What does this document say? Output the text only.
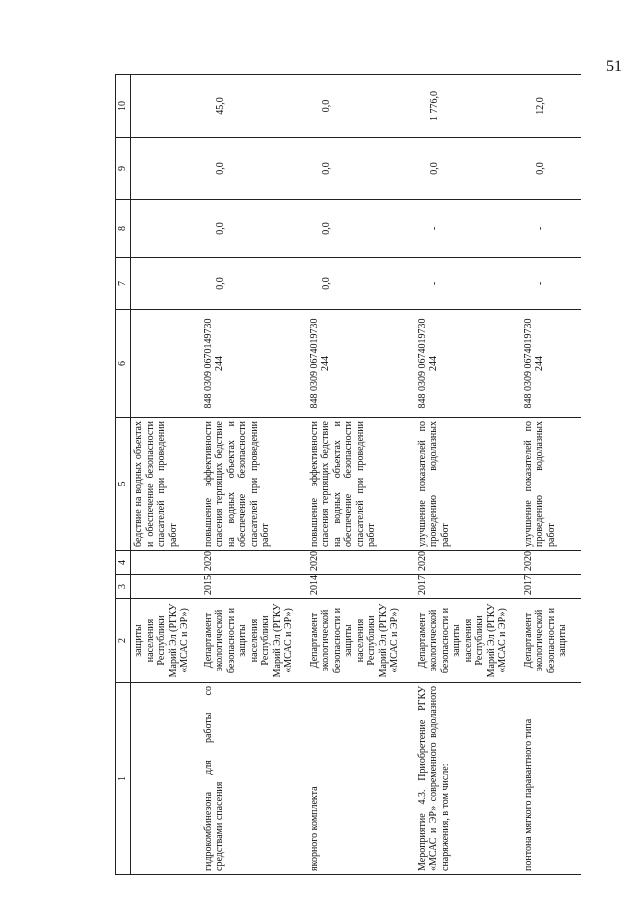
51
1	2	3	4	5	6	7	8	9	10
	защиты населения Республики Марий Эл (РГКУ «МСАС и ЭР»)			бедствие на водных объектах и обеспечение безопасности спасателей при проведении работ					
гидрокомбинезона для работы со средствами спасения	Департамент экологической безопасности и защиты населения Республики Марий Эл (РГКУ «МСАС и ЭР»)	2015	2020	повышение эффективности спасения терпящих бедствие на водных объектах и обеспечение безопасности спасателей при проведении работ	848 0309 0670149730 244	0,0	0,0	0,0	45,0
якорного комплекта	Департамент экологической безопасности и защиты населения Республики Марий Эл (РГКУ «МСАС и ЭР»)	2014	2020	повышение эффективности спасения терпящих бедствие на водных объектах и обеспечение безопасности спасателей при проведении работ	848 0309 0674019730 244	0,0	0,0	0,0	0,0
Мероприятие 4.3. Приобретение РГКУ «МСАС и ЭР» современного водолазного снаряжения, в том числе:	Департамент экологической безопасности и защиты населения Республики Марий Эл (РГКУ «МСАС и ЭР»)	2017	2020	улучшение показателей по проведению водолазных работ	848 0309 0674019730 244	-	-	0,0	1 776,0
понтона мягкого паравантного типа	Департамент экологической безопасности и защиты	2017	2020	улучшение показателей по проведению водолазных работ	848 0309 0674019730 244	-	-	0,0	12,0
